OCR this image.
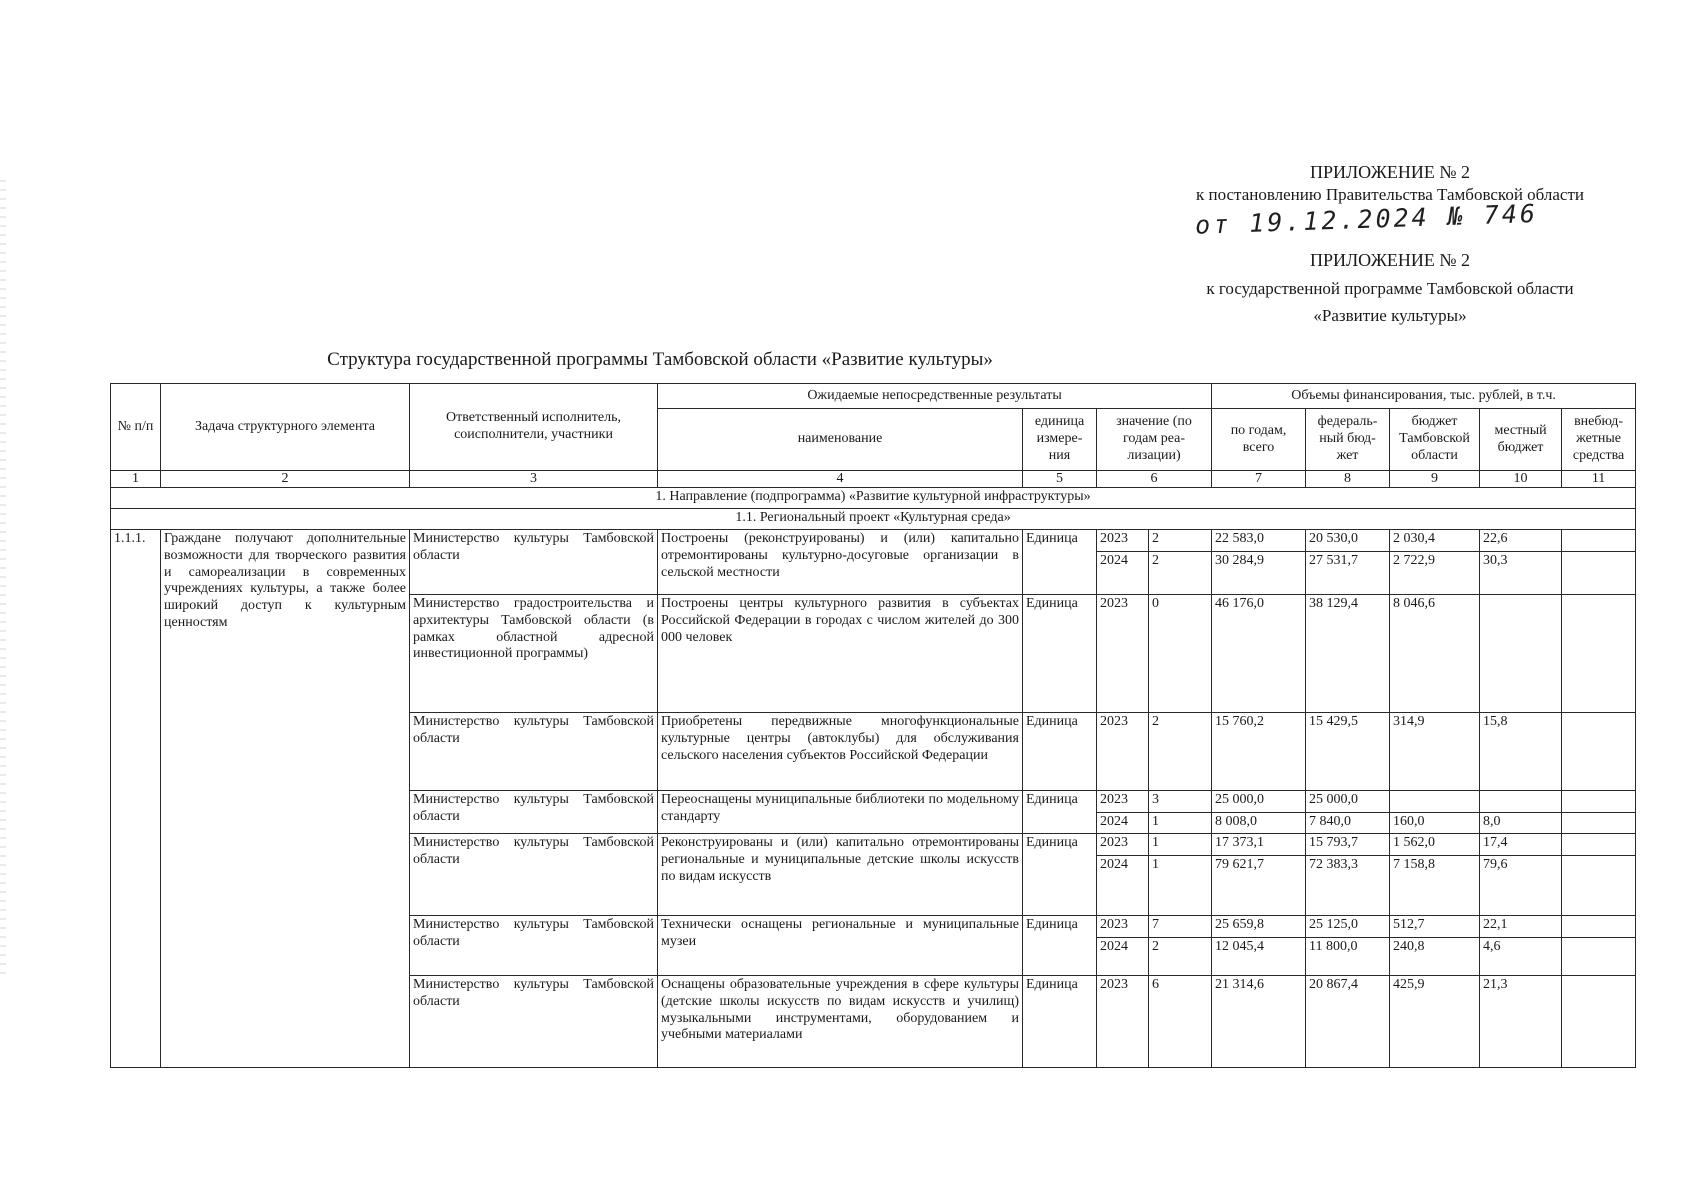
ПРИЛОЖЕНИЕ № 2
к постановлению Правительства Тамбовской области
от 19.12.2024 № 746
ПРИЛОЖЕНИЕ № 2
к государственной программе Тамбовской области
«Развитие культуры»
Структура государственной программы Тамбовской области «Развитие культуры»
№ п/п	Задача структурного элемента	Ответственный исполнитель, соисполнители, участники	Ожидаемые непосредственные результаты				Объемы финансирования, тыс. рублей, в т.ч.				
			наименование	единица измере-ния	значение (по годам реа-лизации)		по годам, всего	федераль-ный бюд-жет	бюджет Тамбовской области	местный бюджет	внебюд-жетные средства
1	2	3	4	5	6		7	8	9	10	11
1. Направление (подпрограмма) «Развитие культурной инфраструктуры»											
1.1. Региональный проект «Культурная среда»											
1.1.1.	Граждане получают дополнительные возможности для творческого развития и самореализации в современных учреждениях культуры, а также более широкий доступ к культурным ценностям	Министерство культуры Тамбовской области	Построены (реконструированы) и (или) капитально отремонтированы культурно-досуговые организации в сельской местности	Единица	2023	2	22 583,0	20 530,0	2 030,4	22,6	
					2024	2	30 284,9	27 531,7	2 722,9	30,3	
		Министерство градостроительства и архитектуры Тамбовской области (в рамках областной адресной инвестиционной программы)	Построены центры культурного развития в субъектах Российской Федерации в городах с числом жителей до 300 000 человек	Единица	2023	0	46 176,0	38 129,4	8 046,6		
		Министерство культуры Тамбовской области	Приобретены передвижные многофункциональные культурные центры (автоклубы) для обслуживания сельского населения субъектов Российской Федерации	Единица	2023	2	15 760,2	15 429,5	314,9	15,8	
		Министерство культуры Тамбовской области	Переоснащены муниципальные библиотеки по модельному стандарту	Единица	2023	3	25 000,0	25 000,0			
					2024	1	8 008,0	7 840,0	160,0	8,0	
		Министерство культуры Тамбовской области	Реконструированы и (или) капитально отремонтированы региональные и муниципальные детские школы искусств по видам искусств	Единица	2023	1	17 373,1	15 793,7	1 562,0	17,4	
					2024	1	79 621,7	72 383,3	7 158,8	79,6	
		Министерство культуры Тамбовской области	Технически оснащены региональные и муниципальные музеи	Единица	2023	7	25 659,8	25 125,0	512,7	22,1	
					2024	2	12 045,4	11 800,0	240,8	4,6	
		Министерство культуры Тамбовской области	Оснащены образовательные учреждения в сфере культуры (детские школы искусств по видам искусств и училищ) музыкальными инструментами, оборудованием и учебными материалами	Единица	2023	6	21 314,6	20 867,4	425,9	21,3	
